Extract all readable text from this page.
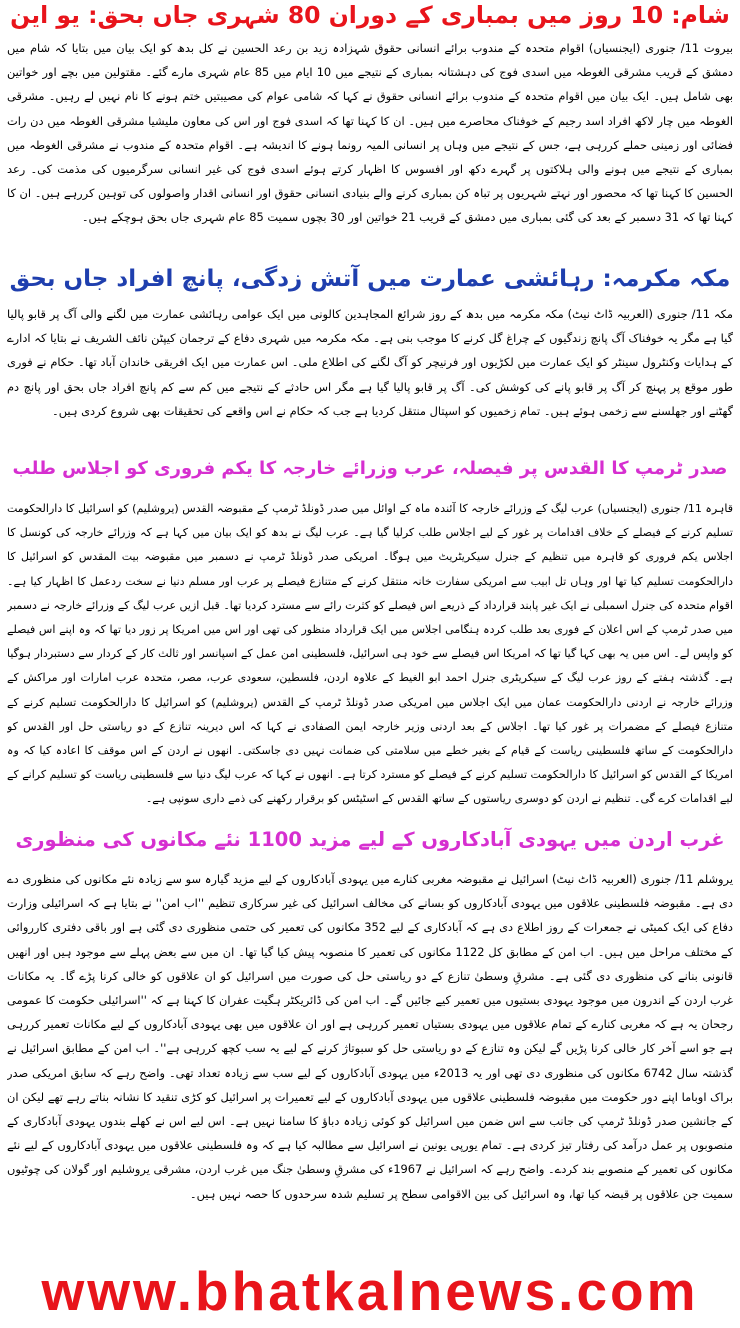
شام: 10 روز میں بمباری کے دوران 80 شہری جاں بحق: یو این

بیروت 11/ جنوری (ایجنسیاں) اقوام متحدہ کے مندوب برائے انسانی حقوق شہزادہ زید بن رعد الحسین نے کل بدھ کو ایک بیان میں بتایا کہ شام میں دمشق کے قریب مشرقی الغوطہ میں اسدی فوج کی دہشتانہ بمباری کے نتیجے میں 10 ایام میں 85 عام شہری مارے گئے۔ مقتولین میں بچے اور خواتین بھی شامل ہیں۔ ایک بیان میں اقوام متحدہ کے مندوب برائے انسانی حقوق نے کہا کہ شامی عوام کی مصیبتیں ختم ہونے کا نام نہیں لے رہیں۔ مشرقی الغوطہ میں چار لاکھ افراد اسد رجیم کے خوفناک محاصرے میں ہیں۔ ان کا کہنا تھا کہ اسدی فوج اور اس کی معاون ملیشیا مشرقی الغوطہ میں دن رات فضائی اور زمینی حملے کررہی ہے، جس کے نتیجے میں وہاں پر انسانی المیہ رونما ہونے کا اندیشہ ہے۔ اقوام متحدہ کے مندوب نے مشرقی الغوطہ میں بمباری کے نتیجے میں ہونے والی ہلاکتوں پر گہرے دکھ اور افسوس کا اظہار کرتے ہوئے اسدی فوج کی غیر انسانی سرگرمیوں کی مذمت کی۔ رعد الحسین کا کہنا تھا کہ محصور اور نہتے شہریوں پر تباہ کن بمباری کرنے والے بنیادی انسانی حقوق اور انسانی اقدار واصولوں کی توہین کررہے ہیں۔ ان کا کہنا تھا کہ 31 دسمبر کے بعد کی گئی بمباری میں دمشق کے قریب 21 خواتین اور 30 بچوں سمیت 85 عام شہری جاں بحق ہوچکے ہیں۔

مکہ مکرمہ: رہائشی عمارت میں آتش زدگی، پانچ افراد جاں بحق

مکہ 11/ جنوری (العربیہ ڈاٹ نیٹ) مکہ مکرمہ میں بدھ کے روز شرائع المجاہدین کالونی میں ایک عوامی رہائشی عمارت میں لگنے والی آگ پر قابو پالیا گیا ہے مگر یہ خوفناک آگ پانچ زندگیوں کے چراغ گل کرنے کا موجب بنی ہے۔ مکہ مکرمہ میں شہری دفاع کے ترجمان کیپٹن نائف الشریف نے بتایا کہ ادارے کے ہدایات وکنٹرول سینٹر کو ایک عمارت میں لکڑیوں اور فرنیچر کو آگ لگنے کی اطلاع ملی۔ اس عمارت میں ایک افریقی خاندان آباد تھا۔ حکام نے فوری طور موقع پر پہنچ کر آگ پر قابو پانے کی کوشش کی۔ آگ پر قابو پالیا گیا ہے مگر اس حادثے کے نتیجے میں کم سے کم پانچ افراد جاں بحق اور پانچ دم گھٹنے اور جھلسنے سے زخمی ہوئے ہیں۔ تمام زخمیوں کو اسپتال منتقل کردیا ہے جب کہ حکام نے اس واقعے کی تحقیقات بھی شروع کردی ہیں۔

صدر ٹرمپ کا القدس پر فیصلہ، عرب وزرائے خارجہ کا یکم فروری کو اجلاس طلب

قاہرہ 11/ جنوری (ایجنسیاں) عرب لیگ کے وزرائے خارجہ کا آئندہ ماہ کے اوائل میں صدر ڈونلڈ ٹرمپ کے مقبوضہ القدس (یروشلیم) کو اسرائیل کا دارالحکومت تسلیم کرنے کے فیصلے کے خلاف اقدامات پر غور کے لیے اجلاس طلب کرلیا گیا ہے۔ عرب لیگ نے بدھ کو ایک بیان میں کہا ہے کہ وزرائے خارجہ کی کونسل کا اجلاس یکم فروری کو قاہرہ میں تنظیم کے جنرل سیکریٹریٹ میں ہوگا۔ امریکی صدر ڈونلڈ ٹرمپ نے دسمبر میں مقبوضہ بیت المقدس کو اسرائیل کا دارالحکومت تسلیم کیا تھا اور وہاں تل ابیب سے امریکی سفارت خانہ منتقل کرنے کے متنازع فیصلے پر عرب اور مسلم دنیا نے سخت ردعمل کا اظہار کیا ہے۔ اقوام متحدہ کی جنرل اسمبلی نے ایک غیر پابند قرارداد کے ذریعے اس فیصلے کو کثرت رائے سے مسترد کردیا تھا۔ قبل ازیں عرب لیگ کے وزرائے خارجہ نے دسمبر میں صدر ٹرمپ کے اس اعلان کے فوری بعد طلب کردہ ہنگامی اجلاس میں ایک قرارداد منظور کی تھی اور اس میں امریکا پر زور دیا تھا کہ وہ اپنے اس فیصلے کو واپس لے۔ اس میں یہ بھی کہا گیا تھا کہ امریکا اس فیصلے سے خود ہی اسرائیل، فلسطینی امن عمل کے اسپانسر اور ثالث کار کے کردار سے دستبردار ہوگیا ہے۔ گذشتہ ہفتے کے روز عرب لیگ کے سیکریٹری جنرل احمد ابو الغیط کے علاوہ اردن، فلسطین، سعودی عرب، مصر، متحدہ عرب امارات اور مراکش کے وزرائے خارجہ نے اردنی دارالحکومت عمان میں ایک اجلاس میں امریکی صدر ڈونلڈ ٹرمپ کے القدس (یروشلیم) کو اسرائیل کا دارالحکومت تسلیم کرنے کے متنازع فیصلے کے مضمرات پر غور کیا تھا۔ اجلاس کے بعد اردنی وزیر خارجہ ایمن الصفادی نے کہا کہ اس دیرینہ تنازع کے دو ریاستی حل اور القدس کو دارالحکومت کے ساتھ فلسطینی ریاست کے قیام کے بغیر خطے میں سلامتی کی ضمانت نہیں دی جاسکتی۔ انھوں نے اردن کے اس موقف کا اعادہ کیا کہ وہ امریکا کے القدس کو اسرائیل کا دارالحکومت تسلیم کرنے کے فیصلے کو مسترد کرتا ہے۔ انھوں نے کہا کہ عرب لیگ دنیا سے فلسطینی ریاست کو تسلیم کرانے کے لیے اقدامات کرے گی۔ تنظیم نے اردن کو دوسری ریاستوں کے ساتھ القدس کے اسٹیٹس کو برقرار رکھنے کی ذمے داری سونپی ہے۔

غرب اردن میں یہودی آبادکاروں کے لیے مزید 1100 نئے مکانوں کی منظوری

یروشلم 11/ جنوری (العربیہ ڈاٹ نیٹ) اسرائیل نے مقبوضہ مغربی کنارے میں یہودی آبادکاروں کے لیے مزید گیارہ سو سے زیادہ نئے مکانوں کی منظوری دے دی ہے۔ مقبوضہ فلسطینی علاقوں میں یہودی آبادکاروں کو بسانے کی مخالف اسرائیل کی غیر سرکاری تنظیم ''اب امن'' نے بتایا ہے کہ اسرائیلی وزارت دفاع کی ایک کمیٹی نے جمعرات کے روز اطلاع دی ہے کہ آبادکاری کے لیے 352 مکانوں کی تعمیر کی حتمی منظوری دی گئی ہے اور باقی دفتری کارروائی کے مختلف مراحل میں ہیں۔ اب امن کے مطابق کل 1122 مکانوں کی تعمیر کا منصوبہ پیش کیا گیا تھا۔ ان میں سے بعض پہلے سے موجود ہیں اور انھیں قانونی بنانے کی منظوری دی گئی ہے۔ مشرقِ وسطیٰ تنازع کے دو ریاستی حل کی صورت میں اسرائیل کو ان علاقوں کو خالی کرنا پڑے گا۔ یہ مکانات غرب اردن کے اندرون میں موجود یہودی بستیوں میں تعمیر کیے جائیں گے۔ اب امن کی ڈائریکٹر ہگیت عفران کا کہنا ہے کہ ''اسرائیلی حکومت کا عمومی رجحان یہ ہے کہ مغربی کنارے کے تمام علاقوں میں یہودی بستیاں تعمیر کررہی ہے اور ان علاقوں میں بھی یہودی آبادکاروں کے لیے مکانات تعمیر کررہی ہے جو اسے آخر کار خالی کرنا پڑیں گے لیکن وہ تنازع کے دو ریاستی حل کو سبوتاژ کرنے کے لیے یہ سب کچھ کررہی ہے''۔ اب امن کے مطابق اسرائیل نے گذشتہ سال 6742 مکانوں کی منظوری دی تھی اور یہ 2013ء میں یہودی آبادکاروں کے لیے سب سے زیادہ تعداد تھی۔ واضح رہے کہ سابق امریکی صدر براک اوباما اپنے دور حکومت میں مقبوضہ فلسطینی علاقوں میں یہودی آبادکاروں کے لیے تعمیرات پر اسرائیل کو کڑی تنقید کا نشانہ بناتے رہے تھے لیکن ان کے جانشین صدر ڈونلڈ ٹرمپ کی جانب سے اس ضمن میں اسرائیل کو کوئی زیادہ دباؤ کا سامنا نہیں ہے۔ اس لیے اس نے کھلے بندوں یہودی آبادکاری کے منصوبوں پر عمل درآمد کی رفتار تیز کردی ہے۔ تمام یورپی یونین نے اسرائیل سے مطالبہ کیا ہے کہ وہ فلسطینی علاقوں میں یہودی آبادکاروں کے لیے نئے مکانوں کی تعمیر کے منصوبے بند کردے۔ واضح رہے کہ اسرائیل نے 1967ء کی مشرقِ وسطیٰ جنگ میں غرب اردن، مشرقی یروشلیم اور گولان کی چوٹیوں سمیت جن علاقوں پر قبضہ کیا تھا، وہ اسرائیل کی بین الاقوامی سطح پر تسلیم شدہ سرحدوں کا حصہ نہیں ہیں۔

www.bhatkalnews.com
